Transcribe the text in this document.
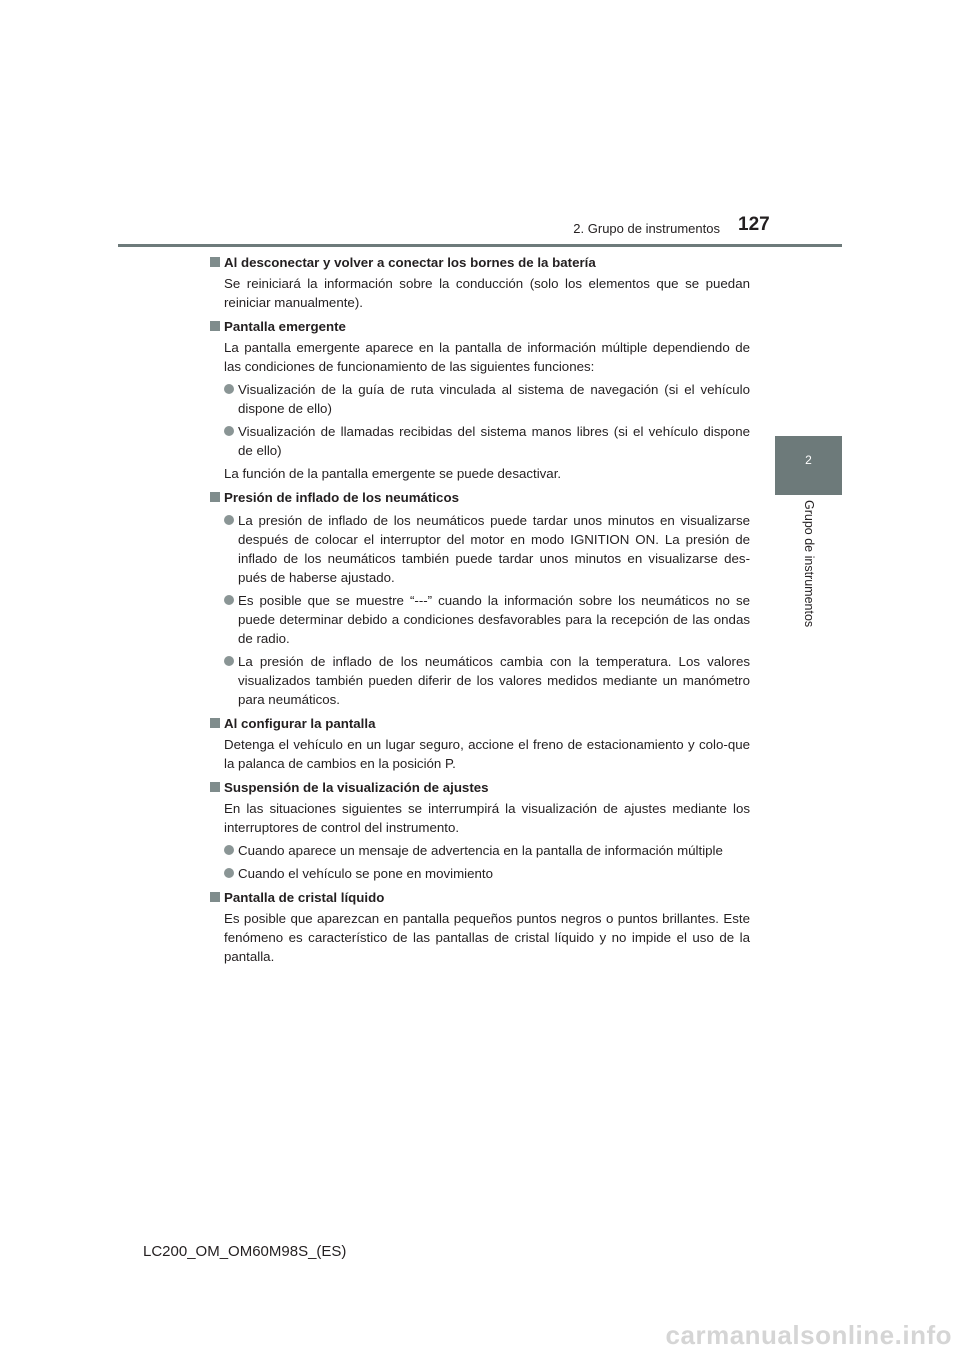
2. Grupo de instrumentos 127
2
Grupo de instrumentos
Al desconectar y volver a conectar los bornes de la batería
Se reiniciará la información sobre la conducción (solo los elementos que se puedan reiniciar manualmente).
Pantalla emergente
La pantalla emergente aparece en la pantalla de información múltiple dependiendo de las condiciones de funcionamiento de las siguientes funciones:
Visualización de la guía de ruta vinculada al sistema de navegación (si el vehículo dispone de ello)
Visualización de llamadas recibidas del sistema manos libres (si el vehículo dispone de ello)
La función de la pantalla emergente se puede desactivar.
Presión de inflado de los neumáticos
La presión de inflado de los neumáticos puede tardar unos minutos en visualizarse después de colocar el interruptor del motor en modo IGNITION ON. La presión de inflado de los neumáticos también puede tardar unos minutos en visualizarse des-pués de haberse ajustado.
Es posible que se muestre “---” cuando la información sobre los neumáticos no se puede determinar debido a condiciones desfavorables para la recepción de las ondas de radio.
La presión de inflado de los neumáticos cambia con la temperatura. Los valores visualizados también pueden diferir de los valores medidos mediante un manómetro para neumáticos.
Al configurar la pantalla
Detenga el vehículo en un lugar seguro, accione el freno de estacionamiento y colo-que la palanca de cambios en la posición P.
Suspensión de la visualización de ajustes
En las situaciones siguientes se interrumpirá la visualización de ajustes mediante los interruptores de control del instrumento.
Cuando aparece un mensaje de advertencia en la pantalla de información múltiple
Cuando el vehículo se pone en movimiento
Pantalla de cristal líquido
Es posible que aparezcan en pantalla pequeños puntos negros o puntos brillantes. Este fenómeno es característico de las pantallas de cristal líquido y no impide el uso de la pantalla.
LC200_OM_OM60M98S_(ES)
carmanualsonline.info
